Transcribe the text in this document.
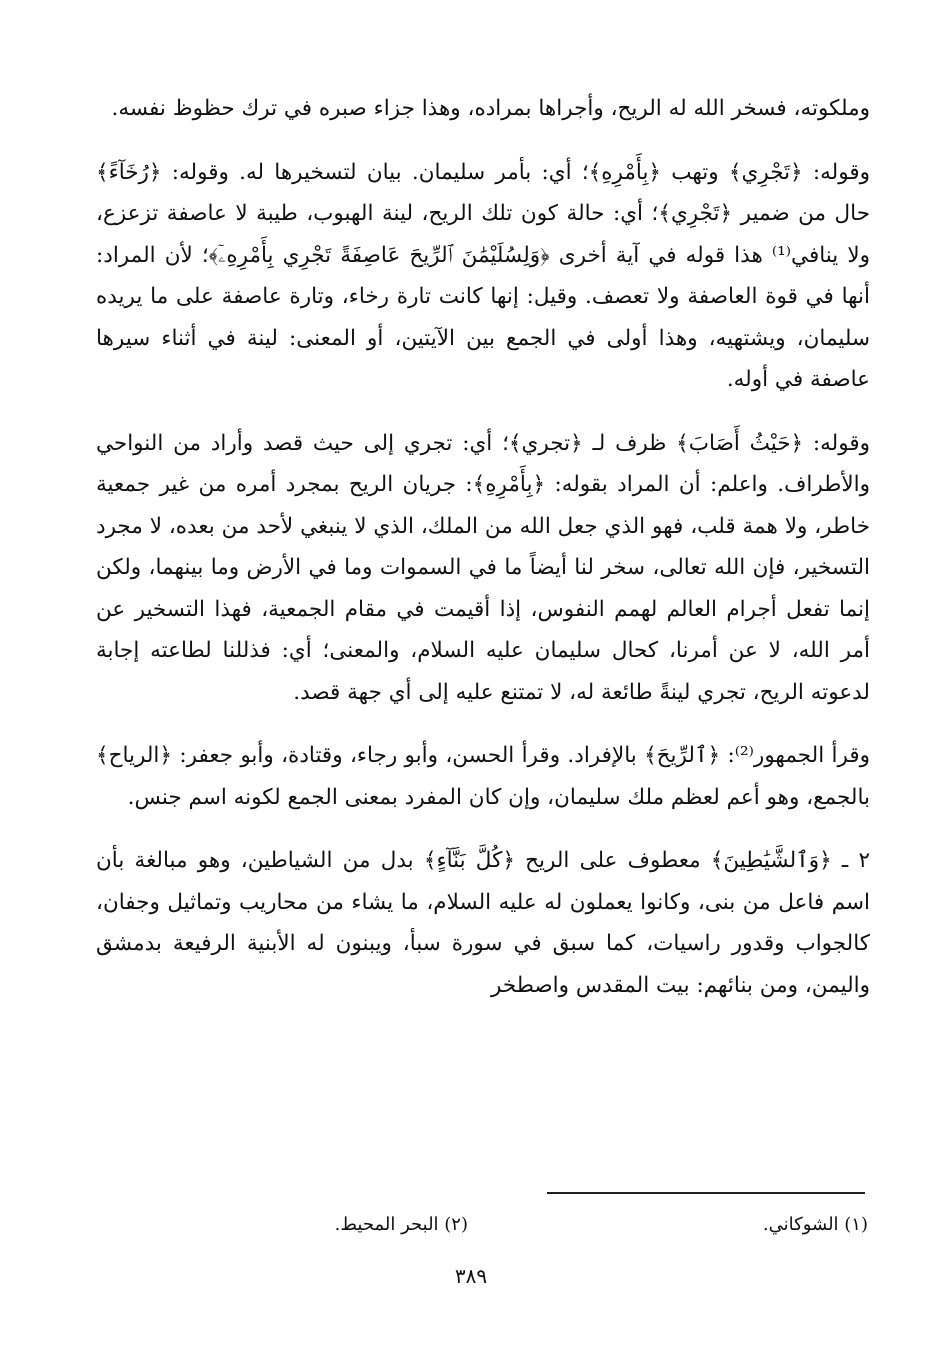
وملكوته، فسخر الله له الريح، وأجراها بمراده، وهذا جزاء صبره في ترك حظوظ نفسه.

وقوله: ﴿تَجْرِي﴾ وتهب ﴿بِأَمْرِهِ﴾؛ أي: بأمر سليمان. بيان لتسخيرها له. وقوله: ﴿رُخَآءً﴾ حال من ضمير ﴿تَجْرِي﴾؛ أي: حالة كون تلك الريح، لينة الهبوب، طيبة لا عاصفة تزعزع، ولا ينافي⁽¹⁾ هذا قوله في آية أخرى ﴿وَلِسُلَيْمَٰنَ ٱلرِّيحَ عَاصِفَةً تَجْرِي بِأَمْرِهِۦٓ﴾؛ لأن المراد: أنها في قوة العاصفة ولا تعصف. وقيل: إنها كانت تارة رخاء، وتارة عاصفة على ما يريده سليمان، ويشتهيه، وهذا أولى في الجمع بين الآيتين، أو المعنى: لينة في أثناء سيرها عاصفة في أوله.

وقوله: ﴿حَيْثُ أَصَابَ﴾ ظرف لـ ﴿تجري﴾؛ أي: تجري إلى حيث قصد وأراد من النواحي والأطراف. واعلم: أن المراد بقوله: ﴿بِأَمْرِهِ﴾: جريان الريح بمجرد أمره من غير جمعية خاطر، ولا همة قلب، فهو الذي جعل الله من الملك، الذي لا ينبغي لأحد من بعده، لا مجرد التسخير، فإن الله تعالى، سخر لنا أيضاً ما في السموات وما في الأرض وما بينهما، ولكن إنما تفعل أجرام العالم لهمم النفوس، إذا أقيمت في مقام الجمعية، فهذا التسخير عن أمر الله، لا عن أمرنا، كحال سليمان عليه السلام، والمعنى؛ أي: فذللنا لطاعته إجابة لدعوته الريح، تجري لينةً طائعة له، لا تمتنع عليه إلى أي جهة قصد.

وقرأ الجمهور⁽²⁾: ﴿ٱلرِّيحَ﴾ بالإفراد. وقرأ الحسن، وأبو رجاء، وقتادة، وأبو جعفر: ﴿الرياح﴾ بالجمع، وهو أعم لعظم ملك سليمان، وإن كان المفرد بمعنى الجمع لكونه اسم جنس.

٢ ـ ﴿وَٱلشَّيَٰطِينَ﴾ معطوف على الريح ﴿كُلَّ بَنَّآءٍ﴾ بدل من الشياطين، وهو مبالغة بأن اسم فاعل من بنى، وكانوا يعملون له عليه السلام، ما يشاء من محاريب وتماثيل وجفان، كالجواب وقدور راسيات، كما سبق في سورة سبأ، ويبنون له الأبنية الرفيعة بدمشق واليمن، ومن بنائهم: بيت المقدس واصطخر

(١) الشوكاني.
(٢) البحر المحيط.
٣٨٩
